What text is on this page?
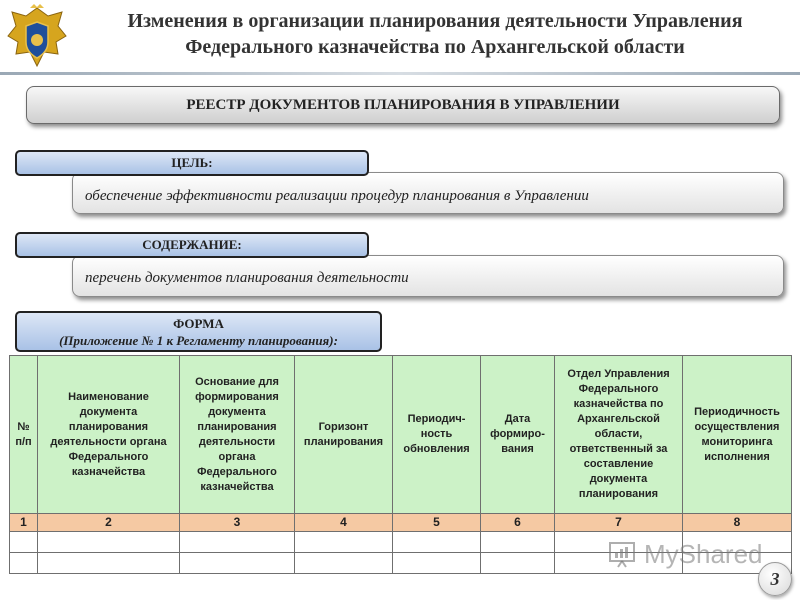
Изменения в организации планирования деятельности Управления
Федерального казначейства по Архангельской области
РЕЕСТР ДОКУМЕНТОВ ПЛАНИРОВАНИЯ В УПРАВЛЕНИИ
обеспечение эффективности реализации процедур планирования в Управлении
ЦЕЛЬ:
перечень документов планирования деятельности
СОДЕРЖАНИЕ:
ФОРМА
(Приложение № 1 к Регламенту планирования):
№ п/п	Наименование документа планирования деятельности органа Федерального казначейства	Основание для формирования документа планирования деятельности органа Федерального казначейства	Горизонт планирования	Периодич-ность обновления	Дата формиро-вания	Отдел Управления Федерального казначейства по Архангельской области, ответственный за составление документа планирования	Периодичность осуществления мониторинга исполнения
1	2	3	4	5	6	7	8

MyShared
3
